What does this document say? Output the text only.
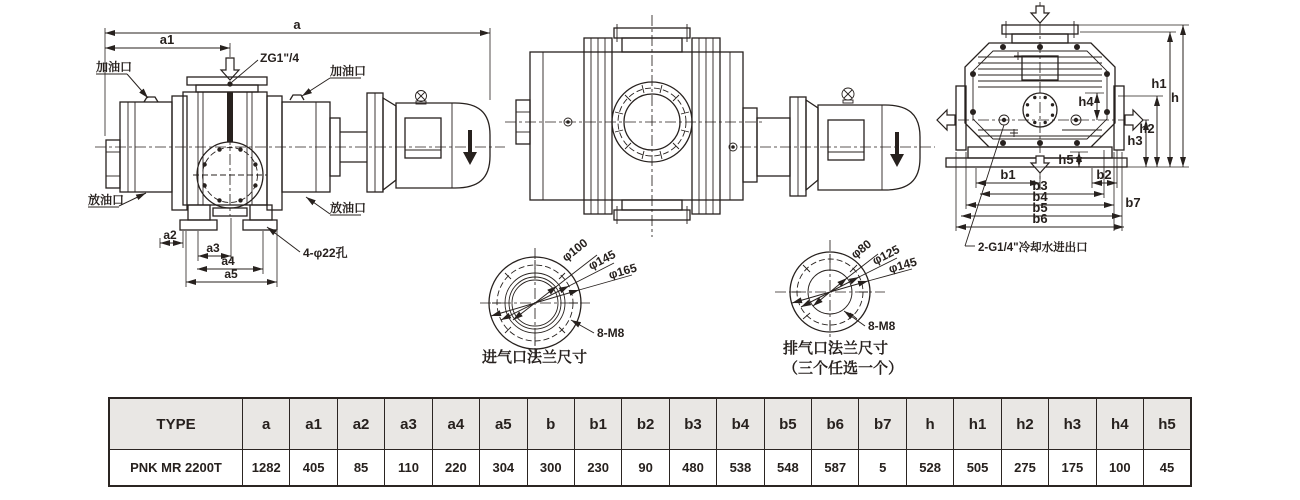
a
a1
ZG1"/4
加油口	加油口
放油口
放油口
a2
a3
a4
a5
4-φ22孔
h
h1
h2
h3
h4
h5
b1	b2
b3
b4	b7
b5
b6
2-G1/4"冷却水进出口
φ100
φ145
φ165
8-M8
进气口法兰尺寸
φ80
φ125
φ145
8-M8
排气口法兰尺寸
（三个任选一个）
TYPE	a	a1	a2	a3	a4	a5	b	b1	b2	b3	b4	b5	b6	b7	h	h1	h2	h3	h4	h5
PNK MR 2200T	1282	405	85	110	220	304	300	230	90	480	538	548	587	5	528	505	275	175	100	45
